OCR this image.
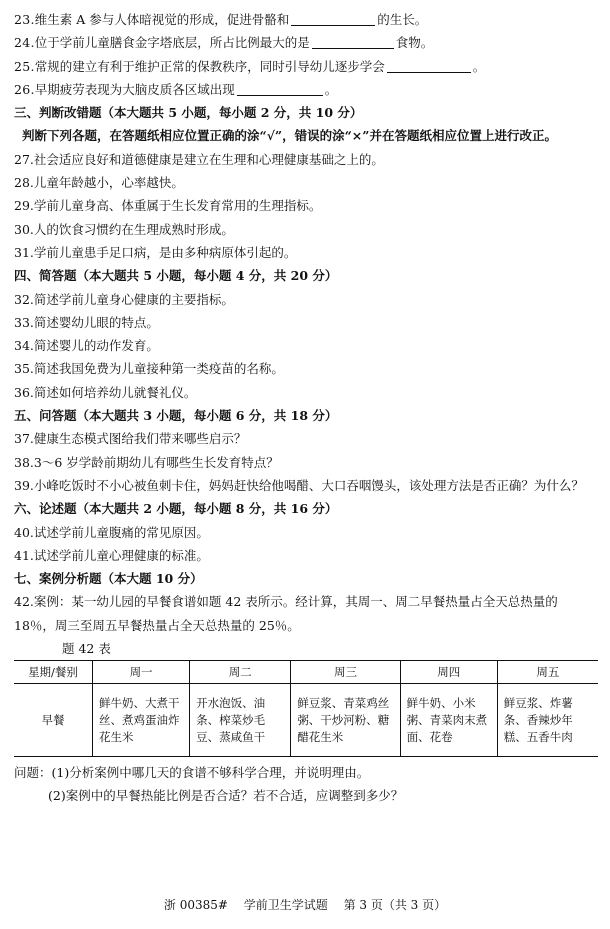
23.维生素 A 参与人体暗视觉的形成，促进骨骼和	的生长。
24.位于学前儿童膳食金字塔底层，所占比例最大的是	食物。
25.常规的建立有利于维护正常的保教秩序，同时引导幼儿逐步学会	。
26.早期疲劳表现为大脑皮质各区域出现	。
三、判断改错题（本大题共 5 小题，每小题 2 分，共 10 分）
判断下列各题，在答题纸相应位置正确的涂“√”，错误的涂“×”并在答题纸相应位置上进行改正。
27.社会适应良好和道德健康是建立在生理和心理健康基础之上的。
28.儿童年龄越小，心率越快。
29.学前儿童身高、体重属于生长发育常用的生理指标。
30.人的饮食习惯约在生理成熟时形成。
31.学前儿童患手足口病，是由多种病原体引起的。
四、简答题（本大题共 5 小题，每小题 4 分，共 20 分）
32.简述学前儿童身心健康的主要指标。
33.简述婴幼儿眼的特点。
34.简述婴儿的动作发育。
35.简述我国免费为儿童接种第一类疫苗的名称。
36.简述如何培养幼儿就餐礼仪。
五、问答题（本大题共 3 小题，每小题 6 分，共 18 分）
37.健康生态模式图给我们带来哪些启示？
38.3～6 岁学龄前期幼儿有哪些生长发育特点？
39.小峰吃饭时不小心被鱼刺卡住，妈妈赶快给他喝醋、大口吞咽馒头，该处理方法是否正确？为什么？
六、论述题（本大题共 2 小题，每小题 8 分，共 16 分）
40.试述学前儿童腹痛的常见原因。
41.试述学前儿童心理健康的标准。
七、案例分析题（本大题 10 分）
42.案例：某一幼儿园的早餐食谱如题 42 表所示。经计算，其周一、周二早餐热量占全天总热量的 18％，周三至周五早餐热量占全天总热量的 25％。
题 42 表
星期/餐别	周一	周二	周三	周四	周五
早餐	鲜牛奶、大煮干丝、煮鸡蛋油炸花生米	开水泡饭、油条、榨菜炒毛豆、蒸咸鱼干	鲜豆浆、青菜鸡丝粥、干炒河粉、糖醋花生米	鲜牛奶、小米粥、青菜肉末煮面、花卷	鲜豆浆、炸薯条、香辣炒年糕、五香牛肉
问题：(1)分析案例中哪几天的食谱不够科学合理，并说明理由。
(2)案例中的早餐热能比例是否合适？若不合适，应调整到多少？
浙 00385# 学前卫生学试题 第 3 页（共 3 页）
